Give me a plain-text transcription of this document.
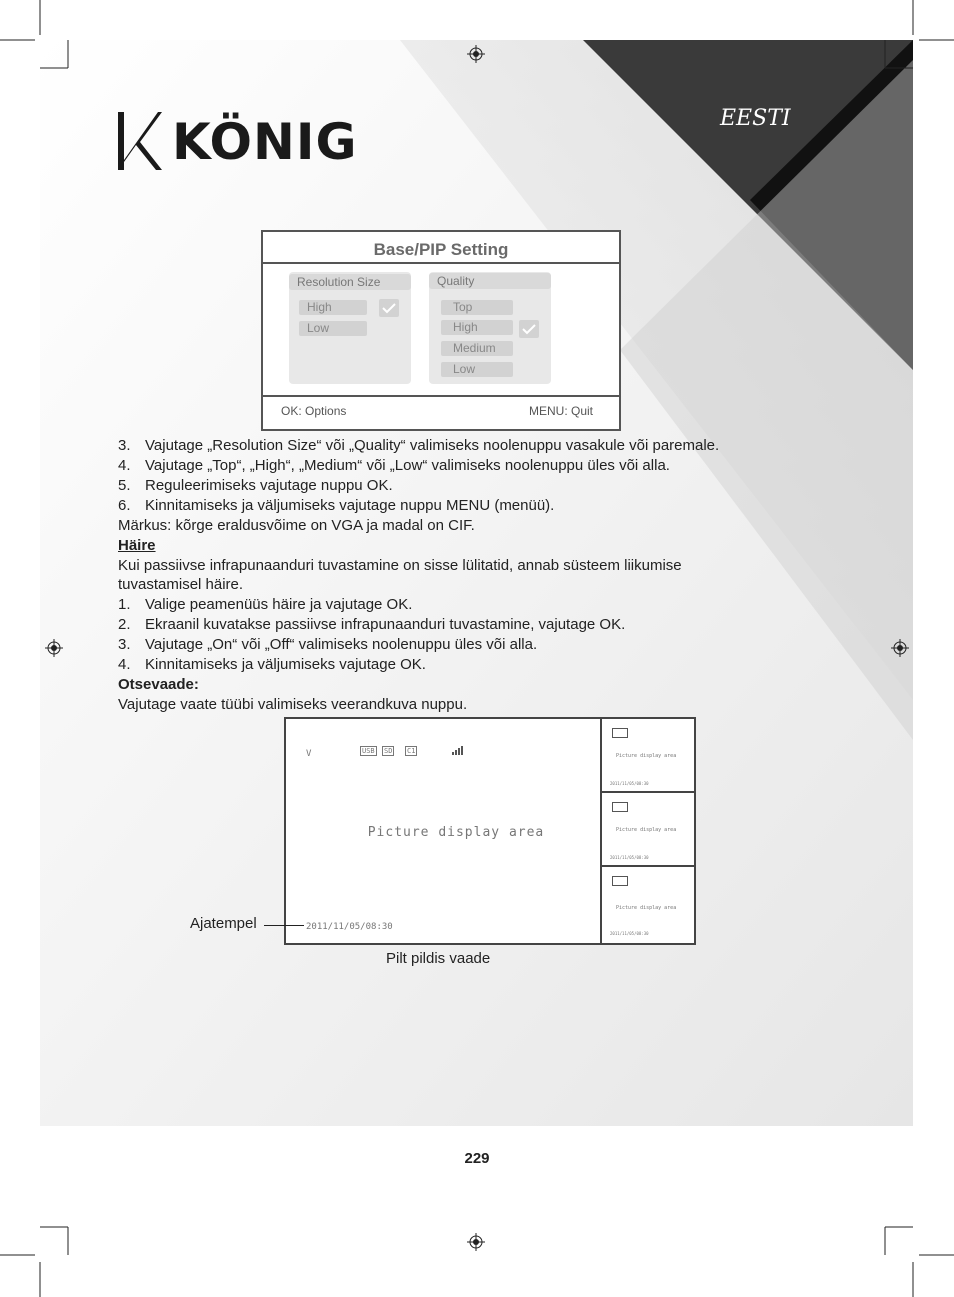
KÖNIG	EESTI
Base/PIP Setting
Resolution Size
High
Low
Quality
Top
High
Medium
Low
OK: Options	MENU: Quit
3. Vajutage „Resolution Size“ või „Quality“ valimiseks noolenuppu vasakule või paremale.
4. Vajutage „Top“, „High“, „Medium“ või „Low“ valimiseks noolenuppu üles või alla.
5. Reguleerimiseks vajutage nuppu OK.
6. Kinnitamiseks ja väljumiseks vajutage nuppu MENU (menüü).
Märkus: kõrge eraldusvõime on VGA ja madal on CIF.
Häire
Kui passiivse infrapunaanduri tuvastamine on sisse lülitatid, annab süsteem liikumise
tuvastamisel häire.
1. Valige peamenüüs häire ja vajutage OK.
2. Ekraanil kuvatakse passiivse infrapunaanduri tuvastamine, vajutage OK.
3. Vajutage „On“ või „Off“ valimiseks noolenuppu üles või alla.
4. Kinnitamiseks ja väljumiseks vajutage OK.
Otsevaade:
Vajutage vaate tüübi valimiseks veerandkuva nuppu.
V	USB SD C1
Picture display area
2011/11/05/08:30
Picture display area
2011/11/05/08:30
Picture display area
2011/11/05/08:30
Picture display area
2011/11/05/08:30
Ajatempel
Pilt pildis vaade
229
